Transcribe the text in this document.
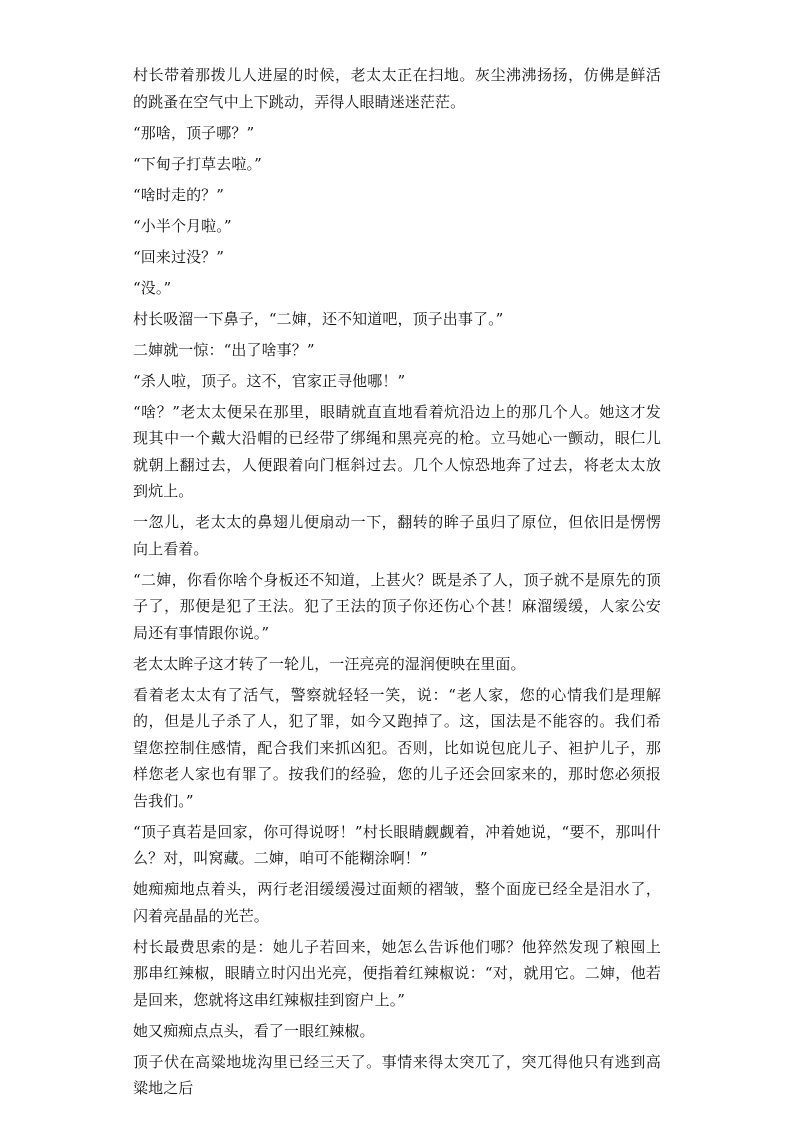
村长带着那拨儿人进屋的时候，老太太正在扫地。灰尘沸沸扬扬，仿佛是鲜活的跳蚤在空气中上下跳动，弄得人眼睛迷迷茫茫。

“那啥，顶子哪？”

“下甸子打草去啦。”

“啥时走的？”

“小半个月啦。”

“回来过没？”

“没。”

村长吸溜一下鼻子，“二婶，还不知道吧，顶子出事了。”

二婶就一惊：“出了啥事？”

“杀人啦，顶子。这不，官家正寻他哪！”

“啥？”老太太便呆在那里，眼睛就直直地看着炕沿边上的那几个人。她这才发现其中一个戴大沿帽的已经带了绑绳和黑亮亮的枪。立马她心一颤动，眼仁儿就朝上翻过去，人便跟着向门框斜过去。几个人惊恐地奔了过去，将老太太放到炕上。

一忽儿，老太太的鼻翅儿便扇动一下，翻转的眸子虽归了原位，但依旧是愣愣向上看着。

“二婶，你看你啥个身板还不知道，上甚火？既是杀了人，顶子就不是原先的顶子了，那便是犯了王法。犯了王法的顶子你还伤心个甚！麻溜缓缓，人家公安局还有事情跟你说。”

老太太眸子这才转了一轮儿，一汪亮亮的湿润便映在里面。

看着老太太有了活气，警察就轻轻一笑，说：“老人家，您的心情我们是理解的，但是儿子杀了人，犯了罪，如今又跑掉了。这，国法是不能容的。我们希望您控制住感情，配合我们来抓凶犯。否则，比如说包庇儿子、袒护儿子，那样您老人家也有罪了。按我们的经验，您的儿子还会回家来的，那时您必须报告我们。”

“顶子真若是回家，你可得说呀！”村长眼睛觑觑着，冲着她说，“要不，那叫什么？对，叫窝藏。二婶，咱可不能糊涂啊！”

她痴痴地点着头，两行老泪缓缓漫过面颊的褶皱，整个面庞已经全是泪水了，闪着亮晶晶的光芒。

村长最费思索的是：她儿子若回来，她怎么告诉他们哪？他猝然发现了粮囤上那串红辣椒，眼睛立时闪出光亮，便指着红辣椒说：“对，就用它。二婶，他若是回来，您就将这串红辣椒挂到窗户上。”

她又痴痴点点头，看了一眼红辣椒。

顶子伏在高粱地垅沟里已经三天了。事情来得太突兀了，突兀得他只有逃到高粱地之后
